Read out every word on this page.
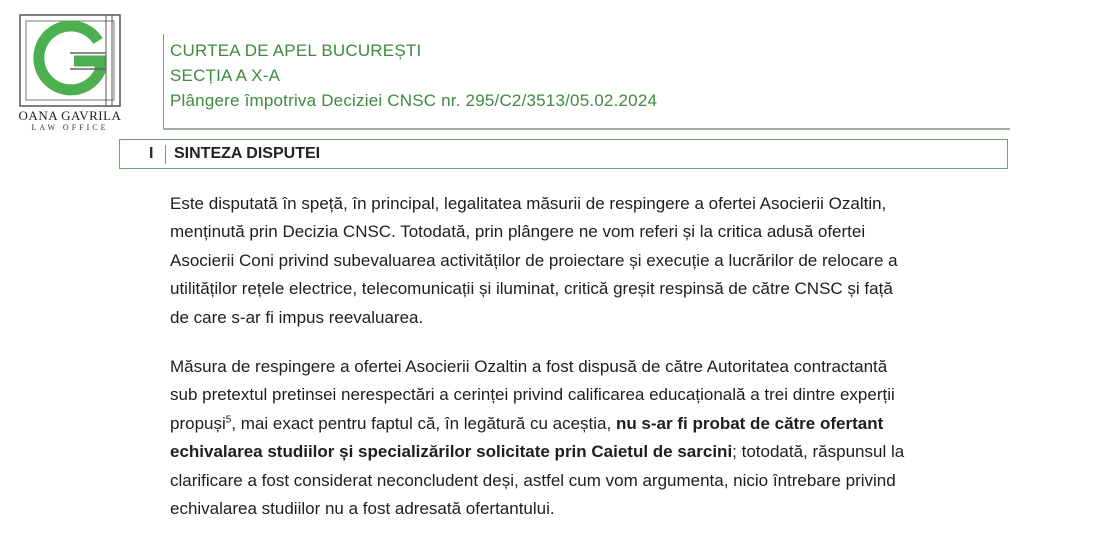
OANA GAVRILA
LAW OFFICE
CURTEA DE APEL BUCUREȘTI
SECȚIA A X-A
Plângere împotriva Deciziei CNSC nr. 295/C2/3513/05.02.2024
I SINTEZA DISPUTEI
Este disputată în speță, în principal, legalitatea măsurii de respingere a ofertei Asocierii Ozaltin,
menținută prin Decizia CNSC. Totodată, prin plângere ne vom referi și la critica adusă ofertei
Asocierii Coni privind subevaluarea activităților de proiectare și execuție a lucrărilor de relocare a
utilităților rețele electrice, telecomunicații și iluminat, critică greșit respinsă de către CNSC și față
de care s-ar fi impus reevaluarea.
Măsura de respingere a ofertei Asocierii Ozaltin a fost dispusă de către Autoritatea contractantă
sub pretextul pretinsei nerespectări a cerinței privind calificarea educațională a trei dintre experții
propuși$^5$, mai exact pentru faptul că, în legătură cu aceștia, nu s-ar fi probat de către ofertant
echivalarea studiilor și specializărilor solicitate prin Caietul de sarcini; totodată, răspunsul la
clarificare a fost considerat neconcludent deși, astfel cum vom argumenta, nicio întrebare privind
echivalarea studiilor nu a fost adresată ofertantului.
